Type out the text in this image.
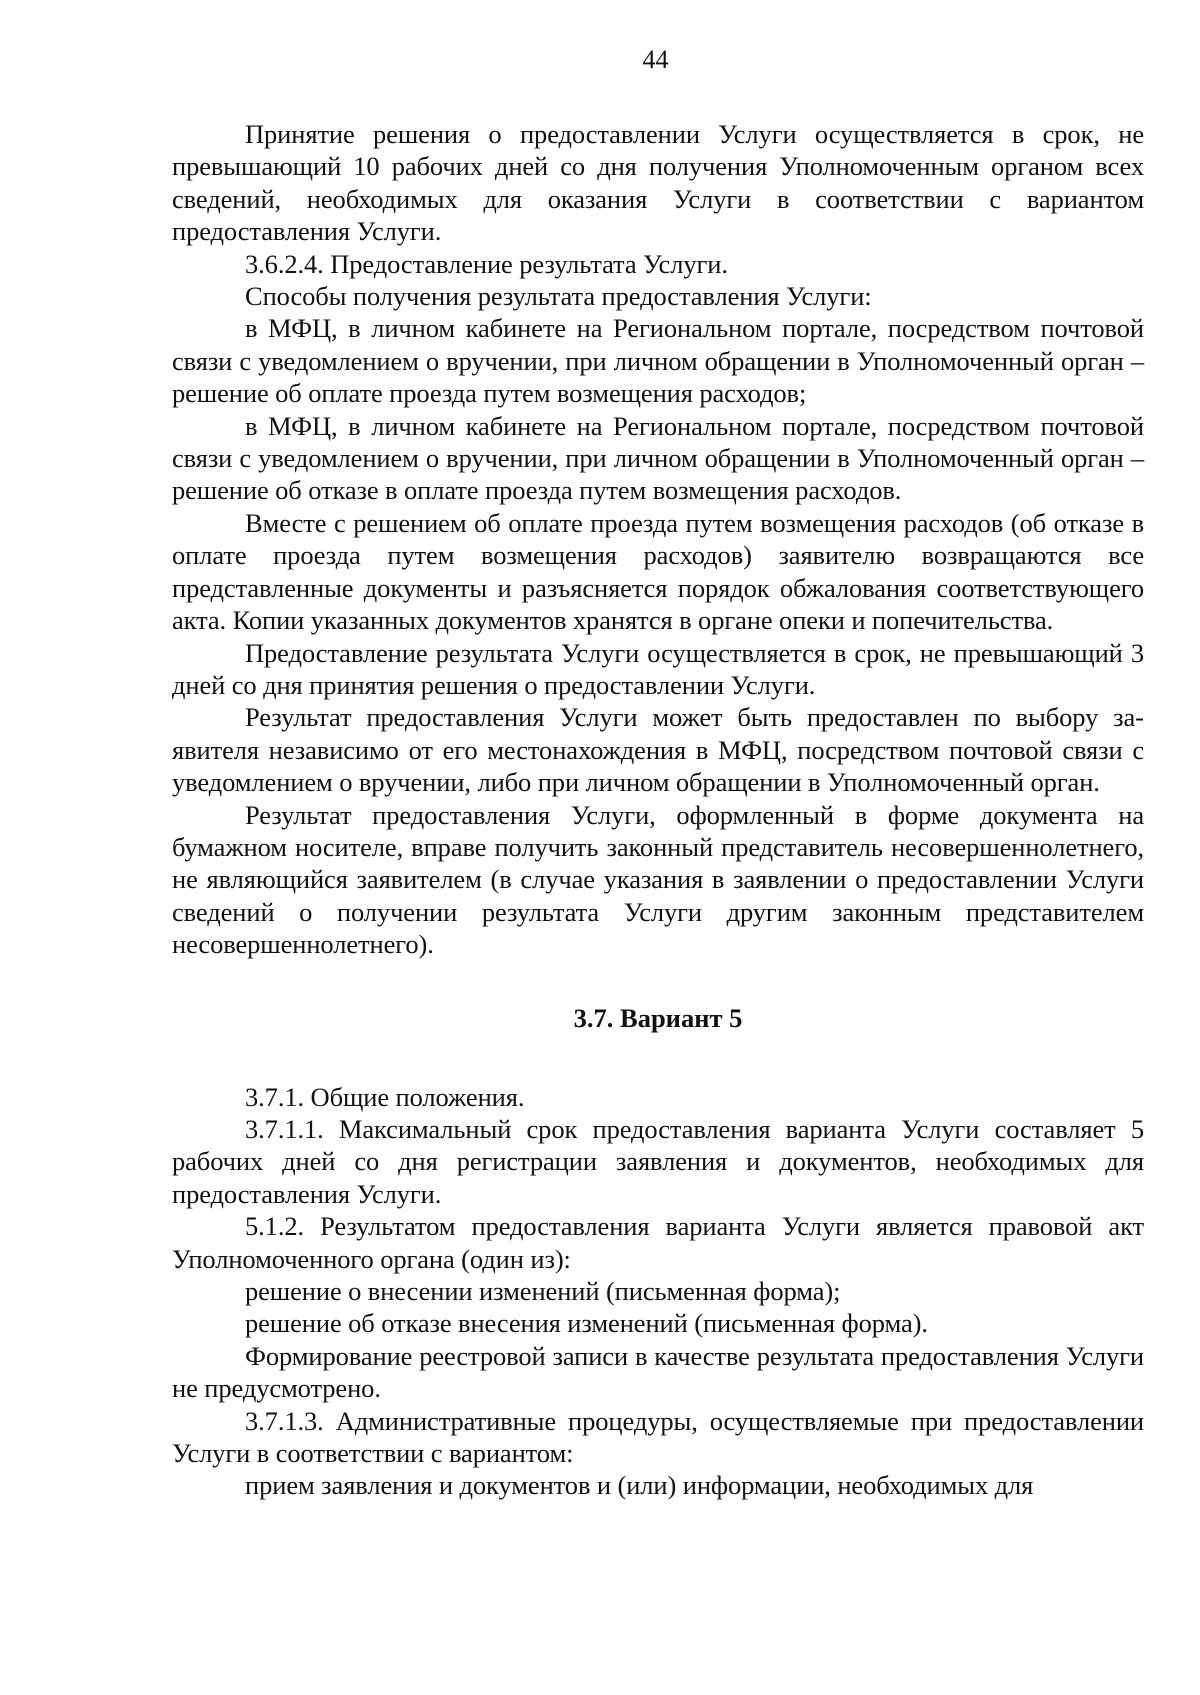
44

Принятие решения о предоставлении Услуги осуществляется в срок, не превышающий 10 рабочих дней со дня получения Уполномоченным органом всех сведений, необходимых для оказания Услуги в соответствии с вариантом предоставления Услуги.

3.6.2.4. Предоставление результата Услуги.

Способы получения результата предоставления Услуги:

в МФЦ, в личном кабинете на Региональном портале, посредством почтовой связи с уведомлением о вручении, при личном обращении в Уполномоченный орган – решение об оплате проезда путем возмещения расходов;

в МФЦ, в личном кабинете на Региональном портале, посредством почтовой связи с уведомлением о вручении, при личном обращении в Уполномоченный орган – решение об отказе в оплате проезда путем возмещения расходов.

Вместе с решением об оплате проезда путем возмещения расходов (об отказе в оплате проезда путем возмещения расходов) заявителю возвращаются все представленные документы и разъясняется порядок обжалования соответствующего акта. Копии указанных документов хранятся в органе опеки и попечительства.

Предоставление результата Услуги осуществляется в срок, не превышающий 3 дней со дня принятия решения о предоставлении Услуги.

Результат предоставления Услуги может быть предоставлен по выбору заявителя независимо от его местонахождения в МФЦ, посредством почтовой связи с уведомлением о вручении, либо при личном обращении в Уполномоченный орган.

Результат предоставления Услуги, оформленный в форме документа на бумажном носителе, вправе получить законный представитель несовершеннолетнего, не являющийся заявителем (в случае указания в заявлении о предоставлении Услуги сведений о получении результата Услуги другим законным представителем несовершеннолетнего).

3.7. Вариант 5

3.7.1. Общие положения.

3.7.1.1. Максимальный срок предоставления варианта Услуги составляет 5 рабочих дней со дня регистрации заявления и документов, необходимых для предоставления Услуги.

5.1.2. Результатом предоставления варианта Услуги является правовой акт Уполномоченного органа (один из):

решение о внесении изменений (письменная форма);

решение об отказе внесения изменений (письменная форма).

Формирование реестровой записи в качестве результата предоставления Услуги не предусмотрено.

3.7.1.3. Административные процедуры, осуществляемые при предоставлении Услуги в соответствии с вариантом:

прием заявления и документов и (или) информации, необходимых для
